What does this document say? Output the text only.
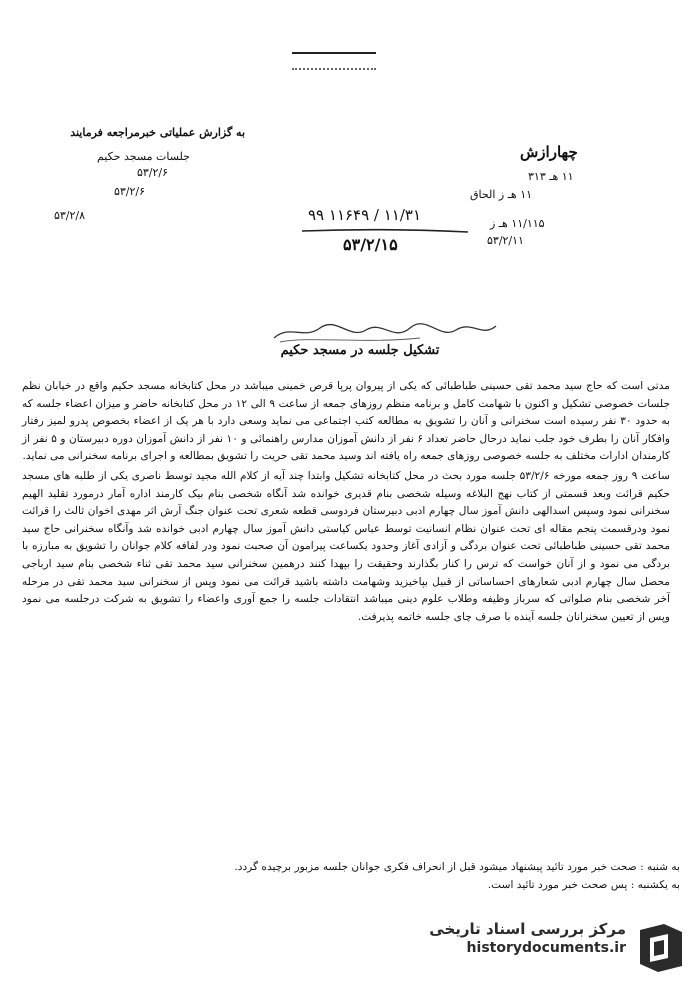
به گزارش عملیاتی خبرمراجعه فرمایند
جلسات مسجد حکیم
۵۳/۲/۶
۵۳/۲/۶
۵۳/۲/۸
چهارازش
۱۱ هـ ۳۱۳
۱۱ هـ ز الحاق
۱۱/۱۱۵ هـ ز
۵۳/۲/۱۱
۹۹ ۱۱۶۴۹ / ۱۱/۳۱
۵۳/۲/۱۵
تشکیل جلسه در مسجد حکیم

مدتی است که حاج سید محمد تقی حسینی طباطبائی که یکی از پیروان پرپا قرص خمینی میباشد در محل کتابخانه مسجد حکیم واقع در خیابان نظم جلسات خصوصی تشکیل و اکنون با شهامت کامل و برنامه منظم روزهای جمعه از ساعت ۹ الی ۱۲ در محل کتابخانه حاضر و میزان اعضاء جلسه که به حدود ۳۰ نفر رسیده است سخنرانی و آنان را تشویق به مطالعه کتب اجتماعی می نماید وسعی دارد با هر یک از اعضاء بخصوص پدرو لمیز رفتار وافکار آنان را بطرف خود جلب نماید درحال حاضر تعداد ۶ نفر از دانش آموزان مدارس راهنمائی و ۱۰ نفر از دانش آموزان دوره دبیرستان و ۵ نفر از کارمندان ادارات مختلف به جلسه خصوصی روزهای جمعه راه یافته اند وسید محمد تقی حریت را تشویق بمطالعه و اجرای برنامه سخنرانی می نماید.

ساعت ۹ روز جمعه مورخه ۵۳/۲/۶ جلسه مورد بحث در محل کتابخانه تشکیل وابتدا چند آیه از کلام الله مجید توسط ناصری یکی از طلبه های مسجد حکیم قرائت وبعد قسمتی از کتاب نهج البلاغه وسیله شخصی بنام قدیری خوانده شد آنگاه شخصی بنام بیک کارمند اداره آمار درمورد تقلید الهیم سخنرانی نمود وسپس اسدالهی دانش آموز سال چهارم ادبی دبیرستان فردوسی قطعه شعری تحت عنوان جنگ آرش اثر مهدی اخوان ثالث را قرائت نمود ودرقسمت پنجم مقاله ای تحت عنوان نظام انسانیت توسط عباس کیاستی دانش آموز سال چهارم ادبی خوانده شد وآنگاه سخنرانی حاج سید محمد تقی حسینی طباطبائی تحت عنوان بردگی و آزادی آغاز وحدود یکساعت پیرامون آن صحبت نمود ودر لفافه کلام جوانان را تشویق به مبارزه با بردگی می نمود و از آنان خواست که ترس را کنار بگذارند وحقیقت را بپهدا کنند درهمین سخنرانی سید محمد تقی ثناء شخصی بنام سید ارباجی محصل سال چهارم ادبی شعارهای احساساتی از قبیل بپاخیزید وشهامت داشته باشید قرائت می نمود وپس از سخنرانی سید محمد تقی در مرحله آخر شخصی بنام صلواتی که سرباز وظیفه وطلاب علوم دینی میباشد انتقادات جلسه را جمع آوری واعضاء را تشویق به شرکت درجلسه می نمود وپس از تعیین سخنرانان جلسه آینده با صرف چای جلسه خاتمه پذیرفت.

به شنبه : صحت خبر مورد تائید پیشنهاد میشود قبل از انحراف فکری جوانان جلسه مزبور برچیده گردد.
به یکشنبه : پس صحت خبر مورد تائید است.
مرکز بررسی اسناد تاریخی
historydocuments.ir
